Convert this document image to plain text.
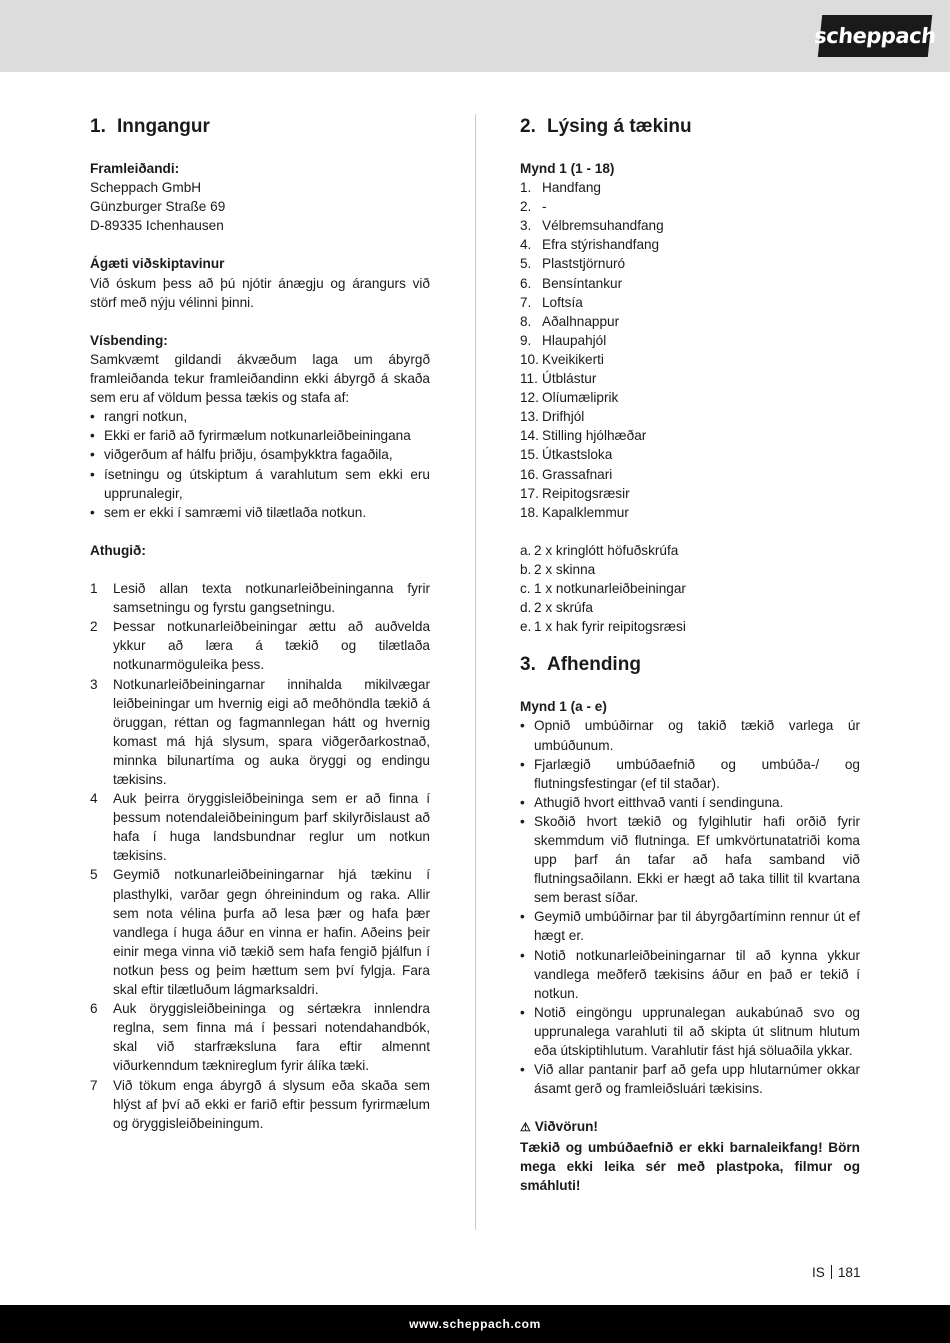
scheppach
1. Inngangur
Framleiðandi:
Scheppach GmbH
Günzburger Straße 69
D-89335 Ichenhausen
Ágæti viðskiptavinur

Við óskum þess að þú njótir ánægju og árangurs við störf með nýju vélinni þinni.

Vísbending:

Samkvæmt gildandi ákvæðum laga um ábyrgð framleiðanda tekur framleiðandinn ekki ábyrgð á skaða sem eru af völdum þessa tækis og stafa af:

• rangri notkun,
• Ekki er farið að fyrirmælum notkunarleiðbeiningana
• viðgerðum af hálfu þriðju, ósamþykktra fagaðila,
• ísetningu og útskiptum á varahlutum sem ekki eru upprunalegir,
• sem er ekki í samræmi við tilætlaða notkun.
Athugið:
1 Lesið allan texta notkunarleiðbeininganna fyrir samsetningu og fyrstu gangsetningu.
2 Þessar notkunarleiðbeiningar ættu að auðvelda ykkur að læra á tækið og tilætlaða notkunarmöguleika þess.
3 Notkunarleiðbeiningarnar innihalda mikilvægar leiðbeiningar um hvernig eigi að meðhöndla tækið á öruggan, réttan og fagmannlegan hátt og hvernig komast má hjá slysum, spara viðgerðarkostnað, minnka bilunartíma og auka öryggi og endingu tækisins.
4 Auk þeirra öryggisleiðbeininga sem er að finna í þessum notendaleiðbeiningum þarf skilyrðislaust að hafa í huga landsbundnar reglur um notkun tækisins.
5 Geymið notkunarleiðbeiningarnar hjá tækinu í plasthylki, varðar gegn óhreinindum og raka. Allir sem nota vélina þurfa að lesa þær og hafa þær vandlega í huga áður en vinna er hafin. Aðeins þeir einir mega vinna við tækið sem hafa fengið þjálfun í notkun þess og þeim hættum sem því fylgja. Fara skal eftir tilætluðum lágmarksaldri.
6 Auk öryggisleiðbeininga og sértækra innlendra reglna, sem finna má í þessari notendahandbók, skal við starfræksluna fara eftir almennt viðurkenndum tæknireglum fyrir álíka tæki.
7 Við tökum enga ábyrgð á slysum eða skaða sem hlýst af því að ekki er farið eftir þessum fyrirmælum og öryggisleiðbeiningum.
2. Lýsing á tækinu
Mynd 1 (1 - 18)
1. Handfang
2. -
3. Vélbremsuhandfang
4. Efra stýrishandfang
5. Plaststjörnuró
6. Bensíntankur
7. Loftsía
8. Aðalhnappur
9. Hlaupahjól
10. Kveikikerti
11. Útblástur
12. Olíumæliprik
13. Drifhjól
14. Stilling hjólhæðar
15. Útkastsloka
16. Grassafnari
17. Reipitogsræsir
18. Kapalklemmur
a. 2 x kringlótt höfuðskrúfa
b. 2 x skinna
c. 1 x notkunarleiðbeiningar
d. 2 x skrúfa
e. 1 x hak fyrir reipitogsræsi
3. Afhending
Mynd 1 (a - e)
• Opnið umbúðirnar og takið tækið varlega úr umbúðunum.
• Fjarlægið umbúðaefnið og umbúða-/ og flutningsfestingar (ef til staðar).
• Athugið hvort eitthvað vanti í sendinguna.
• Skoðið hvort tækið og fylgihlutir hafi orðið fyrir skemmdum við flutninga. Ef umkvörtunatatriði koma upp þarf án tafar að hafa samband við flutningsaðilann. Ekki er hægt að taka tillit til kvartana sem berast síðar.
• Geymið umbúðirnar þar til ábyrgðartíminn rennur út ef hægt er.
• Notið notkunarleiðbeiningarnar til að kynna ykkur vandlega meðferð tækisins áður en það er tekið í notkun.
• Notið eingöngu upprunalegan aukabúnað svo og upprunalega varahluti til að skipta út slitnum hlutum eða útskiptihlutum. Varahlutir fást hjá söluaðila ykkar.
• Við allar pantanir þarf að gefa upp hlutarnúmer okkar ásamt gerð og framleiðsluári tækisins.
⚠ Viðvörun!
Tækið og umbúðaefnið er ekki barnaleikfang! Börn mega ekki leika sér með plastpoka, filmur og smáhluti!
IS 181
www.scheppach.com
